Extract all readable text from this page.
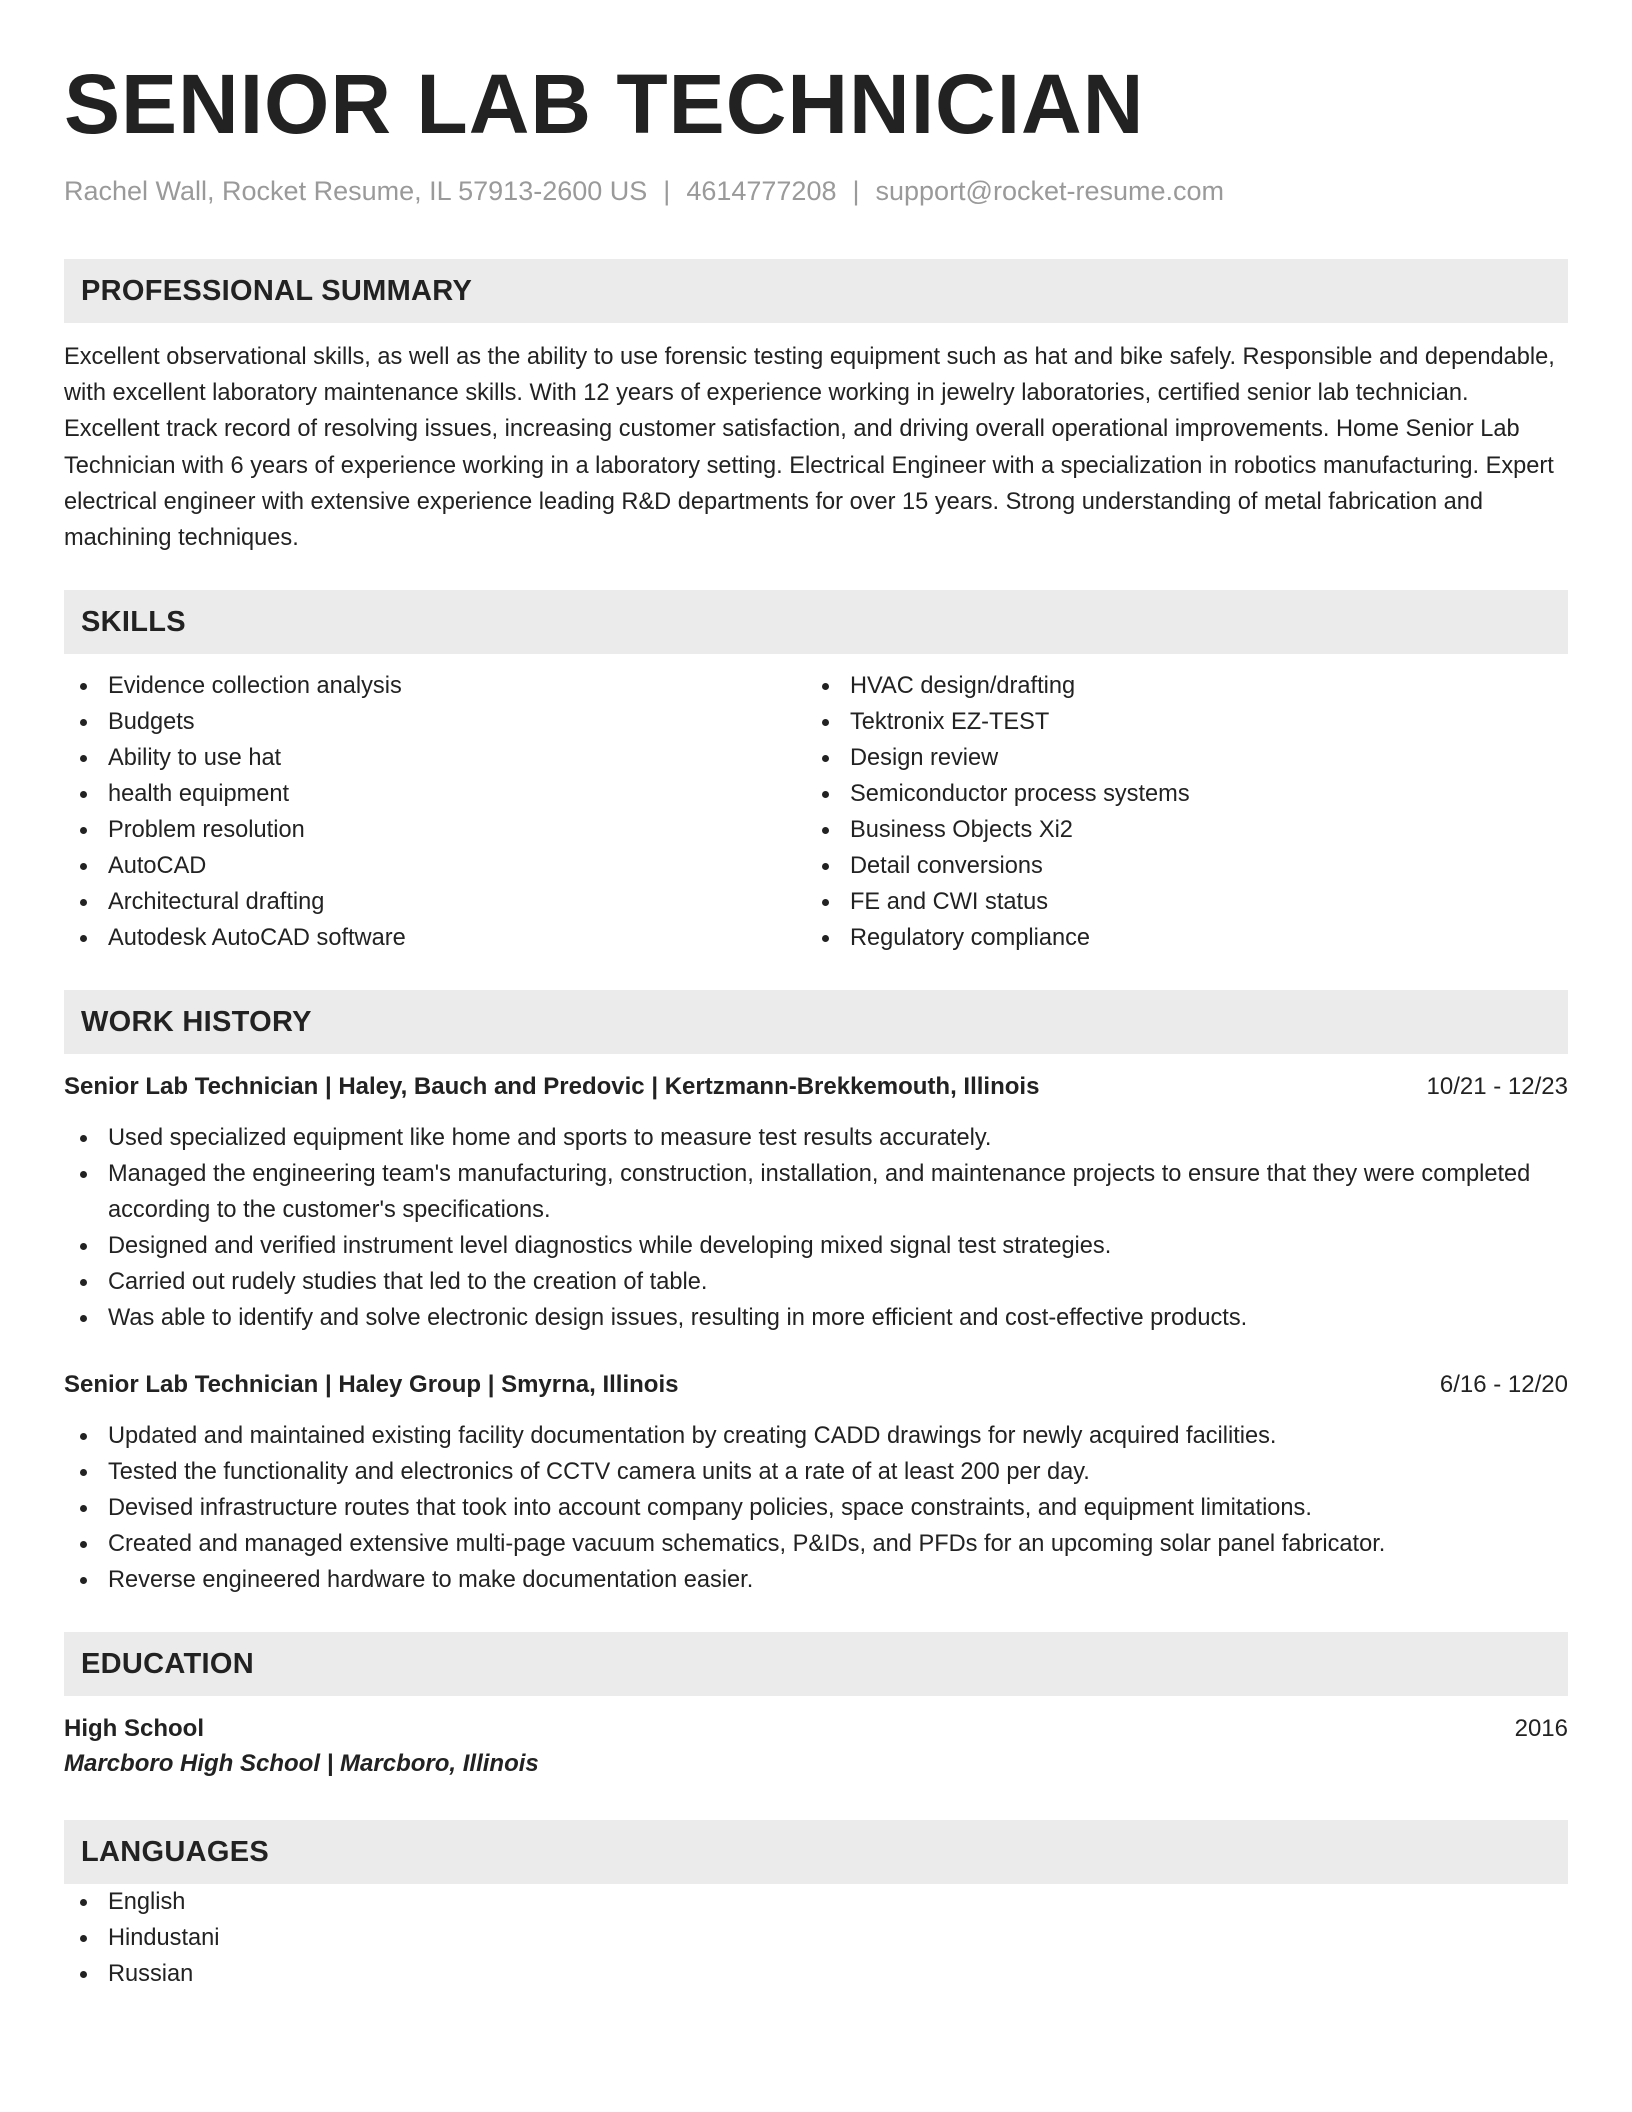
SENIOR LAB TECHNICIAN
Rachel Wall, Rocket Resume, IL 57913-2600 US | 4614777208 | support@rocket-resume.com
PROFESSIONAL SUMMARY

Excellent observational skills, as well as the ability to use forensic testing equipment such as hat and bike safely. Responsible and dependable, with excellent laboratory maintenance skills. With 12 years of experience working in jewelry laboratories, certified senior lab technician. Excellent track record of resolving issues, increasing customer satisfaction, and driving overall operational improvements. Home Senior Lab Technician with 6 years of experience working in a laboratory setting. Electrical Engineer with a specialization in robotics manufacturing. Expert electrical engineer with extensive experience leading R&D departments for over 15 years. Strong understanding of metal fabrication and machining techniques.

SKILLS
Evidence collection analysis
Budgets
Ability to use hat
health equipment
Problem resolution
AutoCAD
Architectural drafting
Autodesk AutoCAD software
HVAC design/drafting
Tektronix EZ-TEST
Design review
Semiconductor process systems
Business Objects Xi2
Detail conversions
FE and CWI status
Regulatory compliance
WORK HISTORY
Senior Lab Technician | Haley, Bauch and Predovic | Kertzmann-Brekkemouth, Illinois	10/21 - 12/23
Used specialized equipment like home and sports to measure test results accurately.
Managed the engineering team's manufacturing, construction, installation, and maintenance projects to ensure that they were completed according to the customer's specifications.
Designed and verified instrument level diagnostics while developing mixed signal test strategies.
Carried out rudely studies that led to the creation of table.
Was able to identify and solve electronic design issues, resulting in more efficient and cost-effective products.
Senior Lab Technician | Haley Group | Smyrna, Illinois	6/16 - 12/20
Updated and maintained existing facility documentation by creating CADD drawings for newly acquired facilities.
Tested the functionality and electronics of CCTV camera units at a rate of at least 200 per day.
Devised infrastructure routes that took into account company policies, space constraints, and equipment limitations.
Created and managed extensive multi-page vacuum schematics, P&IDs, and PFDs for an upcoming solar panel fabricator.
Reverse engineered hardware to make documentation easier.
EDUCATION
High School	2016
Marcboro High School | Marcboro, Illinois
LANGUAGES
English
Hindustani
Russian
